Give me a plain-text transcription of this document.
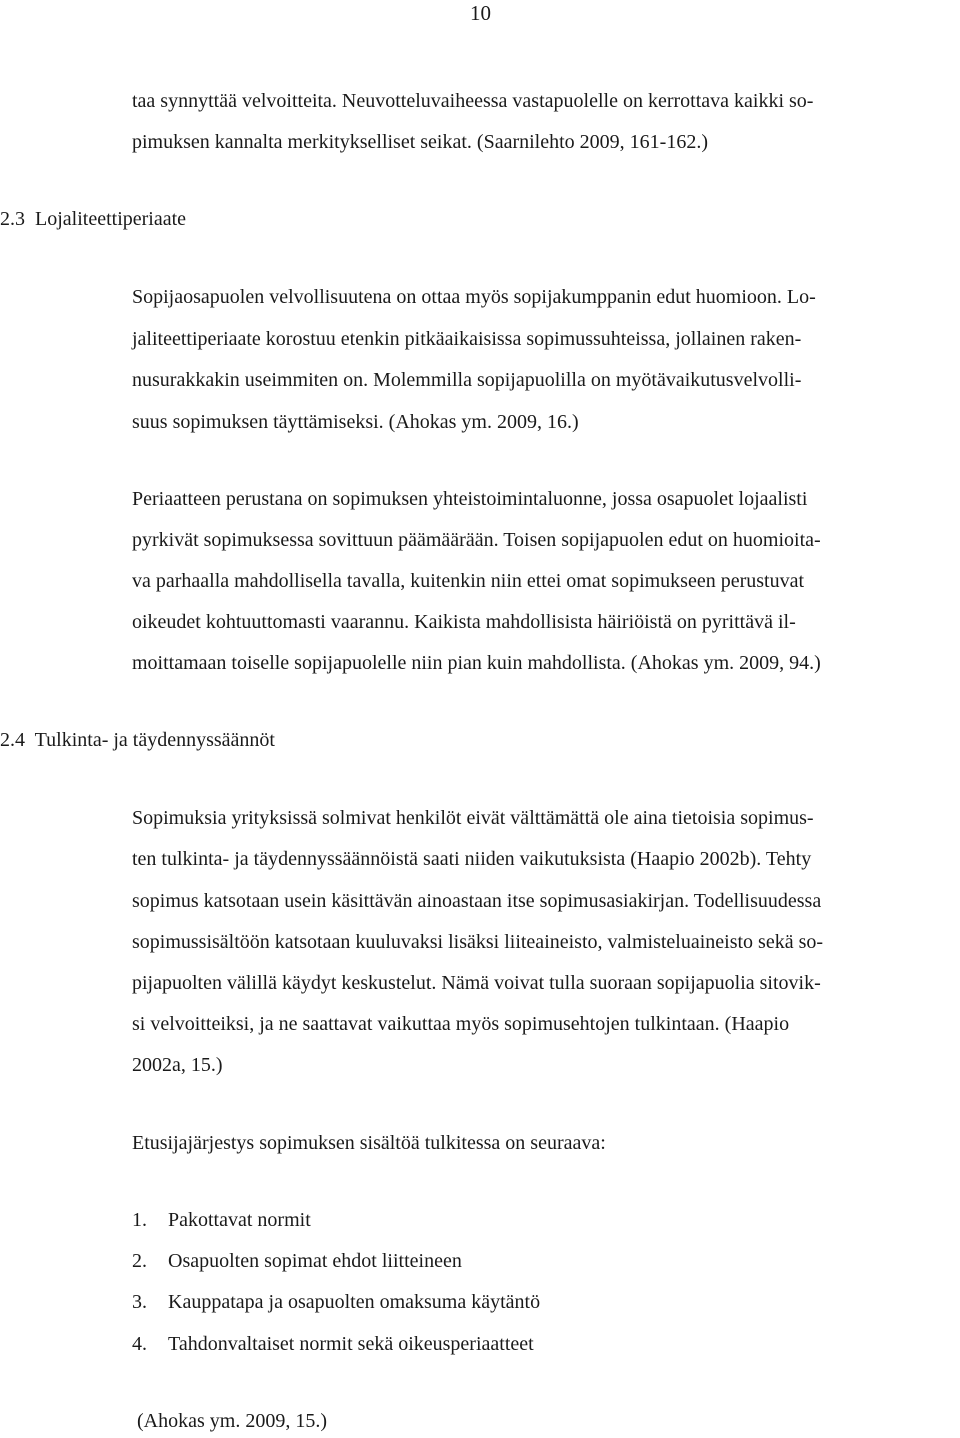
10
taa synnyttää velvoitteita. Neuvotteluvaiheessa vastapuolelle on kerrottava kaikki so-
pimuksen kannalta merkitykselliset seikat. (Saarnilehto 2009, 161-162.)
2.3  Lojaliteettiperiaate
Sopijaosapuolen velvollisuutena on ottaa myös sopijakumppanin edut huomioon. Lo-
jaliteettiperiaate korostuu etenkin pitkäaikaisissa sopimussuhteissa, jollainen raken-
nusurakkakin useimmiten on. Molemmilla sopijapuolilla on myötävaikutusvelvolli-
suus sopimuksen täyttämiseksi. (Ahokas ym. 2009, 16.)
Periaatteen perustana on sopimuksen yhteistoimintaluonne, jossa osapuolet lojaalisti
pyrkivät sopimuksessa sovittuun päämäärään. Toisen sopijapuolen edut on huomioita-
va parhaalla mahdollisella tavalla, kuitenkin niin ettei omat sopimukseen perustuvat
oikeudet kohtuuttomasti vaarannu. Kaikista mahdollisista häiriöistä on pyrittävä il-
moittamaan toiselle sopijapuolelle niin pian kuin mahdollista. (Ahokas ym. 2009, 94.)
2.4  Tulkinta- ja täydennyssäännöt
Sopimuksia yrityksissä solmivat henkilöt eivät välttämättä ole aina tietoisia sopimus-
ten tulkinta- ja täydennyssäännöistä saati niiden vaikutuksista (Haapio 2002b). Tehty
sopimus katsotaan usein käsittävän ainoastaan itse sopimusasiakirjan. Todellisuudessa
sopimussisältöön katsotaan kuuluvaksi lisäksi liiteaineisto, valmisteluaineisto sekä so-
pijapuolten välillä käydyt keskustelut. Nämä voivat tulla suoraan sopijapuolia sitovik-
si velvoitteiksi, ja ne saattavat vaikuttaa myös sopimusehtojen tulkintaan. (Haapio
2002a, 15.)
Etusijajärjestys sopimuksen sisältöä tulkitessa on seuraava:
1. Pakottavat normit
2. Osapuolten sopimat ehdot liitteineen
3. Kauppatapa ja osapuolten omaksuma käytäntö
4. Tahdonvaltaiset normit sekä oikeusperiaatteet
(Ahokas ym. 2009, 15.)
